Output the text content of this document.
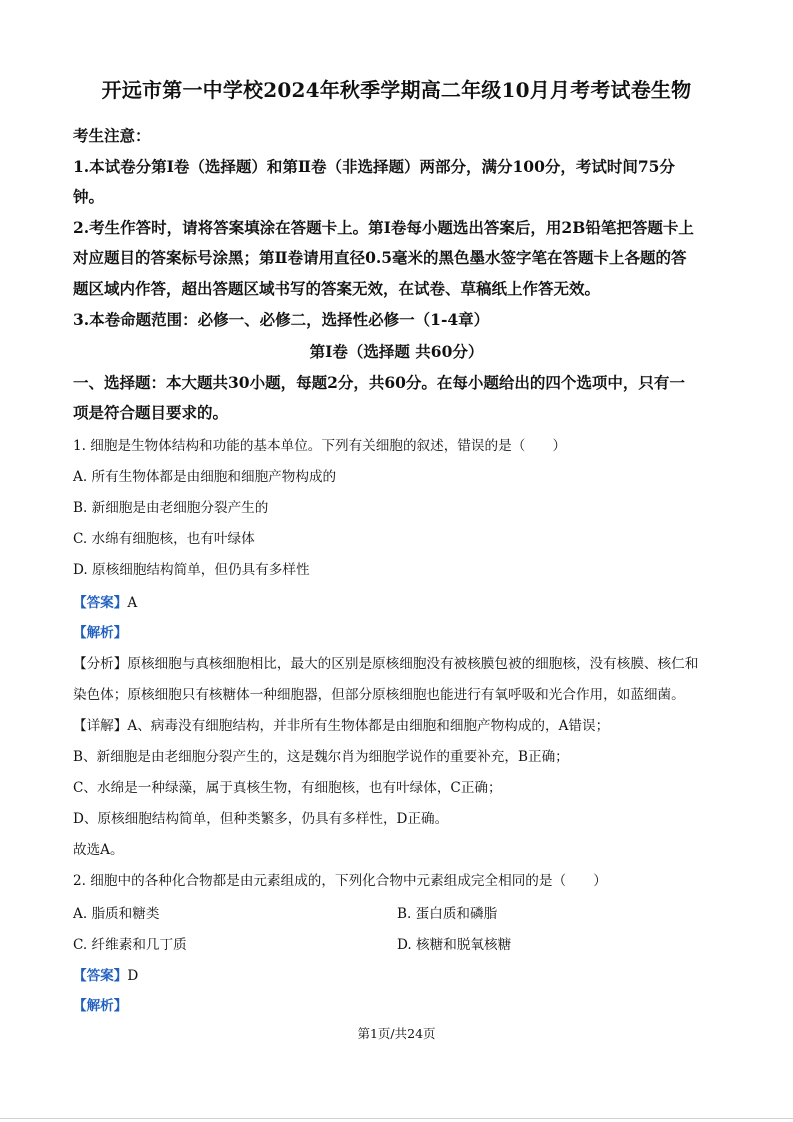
开远市第一中学校2024年秋季学期高二年级10月月考考试卷生物
考生注意：
1.本试卷分第Ⅰ卷（选择题）和第Ⅱ卷（非选择题）两部分，满分100分，考试时间75分
钟。
2.考生作答时，请将答案填涂在答题卡上。第Ⅰ卷每小题选出答案后，用2B铅笔把答题卡上
对应题目的答案标号涂黑；第Ⅱ卷请用直径0.5毫米的黑色墨水签字笔在答题卡上各题的答
题区域内作答，超出答题区域书写的答案无效，在试卷、草稿纸上作答无效。
3.本卷命题范围：必修一、必修二，选择性必修一（1-4章）
第Ⅰ卷（选择题 共60分）
一、选择题：本大题共30小题，每题2分，共60分。在每小题给出的四个选项中，只有一
项是符合题目要求的。
1. 细胞是生物体结构和功能的基本单位。下列有关细胞的叙述，错误的是（　　）
A. 所有生物体都是由细胞和细胞产物构成的
B. 新细胞是由老细胞分裂产生的
C. 水绵有细胞核，也有叶绿体
D. 原核细胞结构简单，但仍具有多样性
【答案】A
【解析】
【分析】原核细胞与真核细胞相比，最大的区别是原核细胞没有被核膜包被的细胞核，没有核膜、核仁和
染色体；原核细胞只有核糖体一种细胞器，但部分原核细胞也能进行有氧呼吸和光合作用，如蓝细菌。
【详解】A、病毒没有细胞结构，并非所有生物体都是由细胞和细胞产物构成的，A错误；
B、新细胞是由老细胞分裂产生的，这是魏尔肖为细胞学说作的重要补充，B正确；
C、水绵是一种绿藻，属于真核生物，有细胞核，也有叶绿体，C正确；
D、原核细胞结构简单，但种类繁多，仍具有多样性，D正确。
故选A。
2. 细胞中的各种化合物都是由元素组成的，下列化合物中元素组成完全相同的是（　　）
A. 脂质和糖类	B. 蛋白质和磷脂
C. 纤维素和几丁质	D. 核糖和脱氧核糖
【答案】D
【解析】
第1页/共24页
